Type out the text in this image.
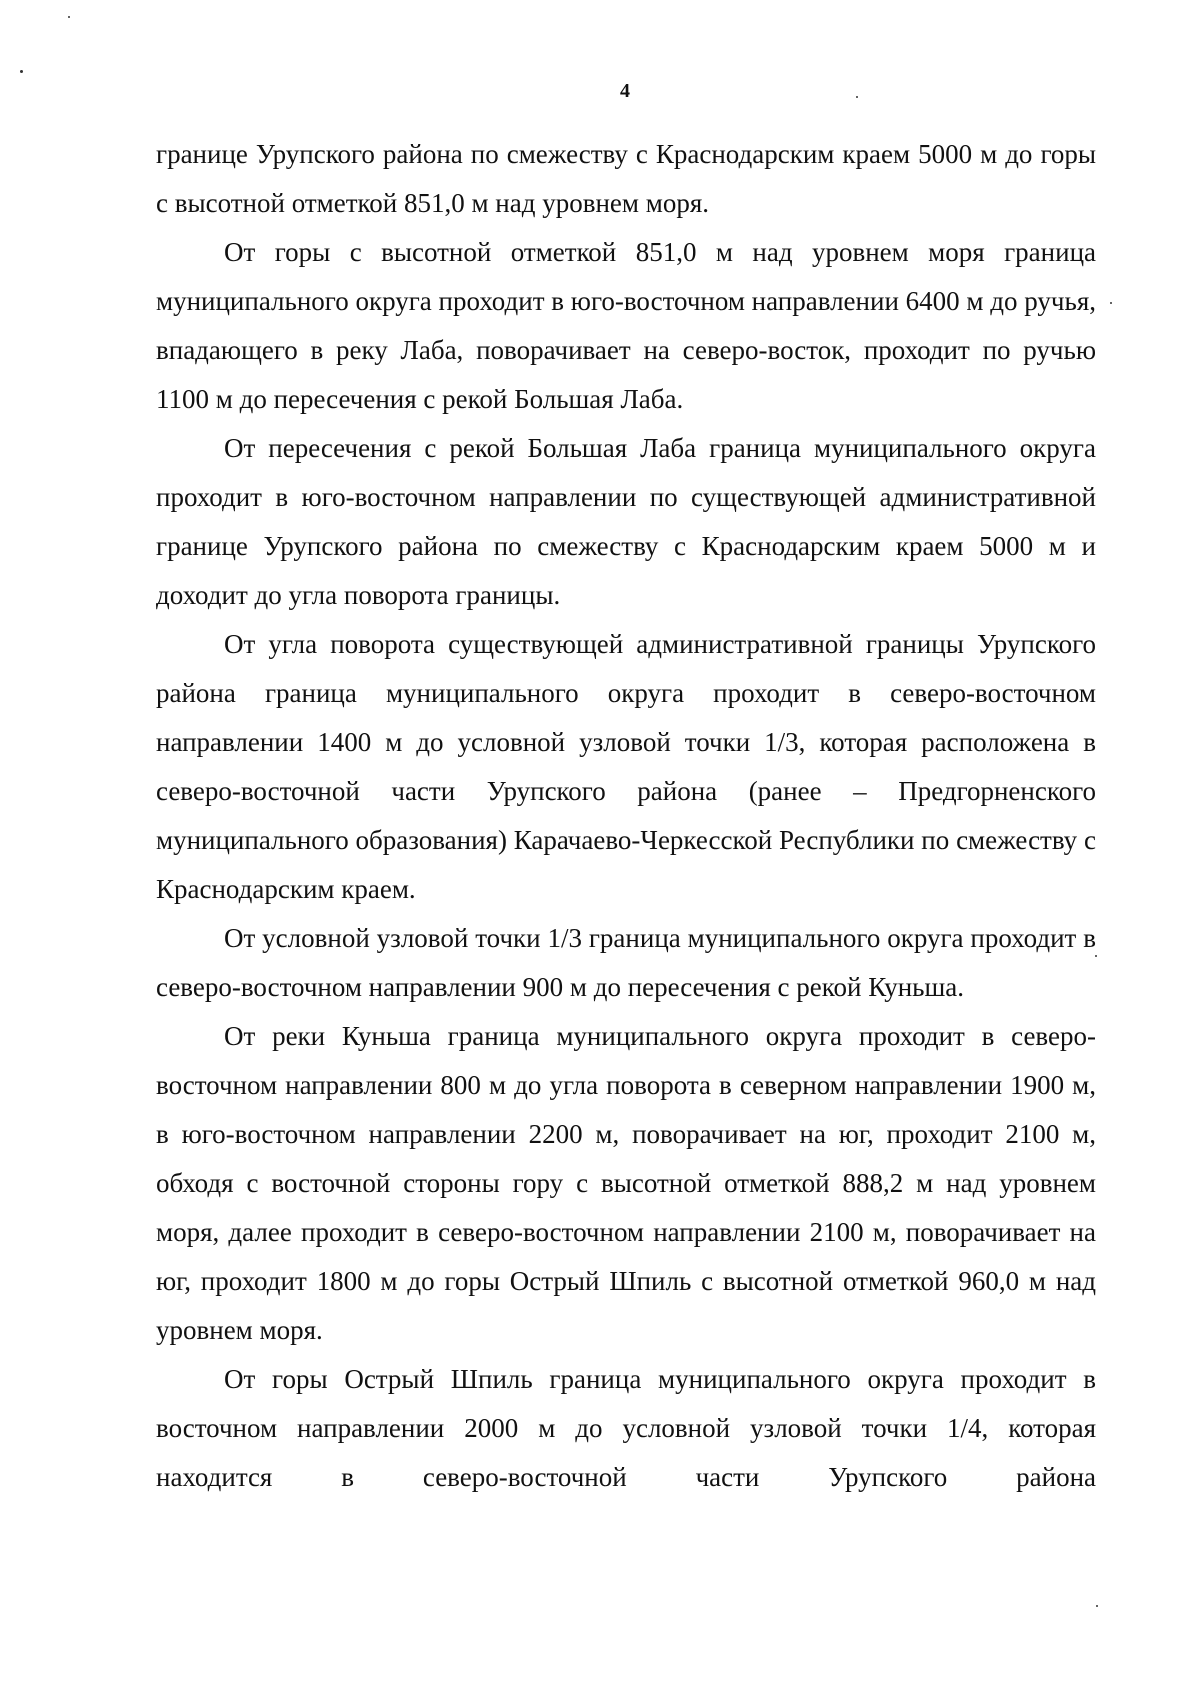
4

границе Урупского района по смежеству с Краснодарским краем 5000 м до горы с высотной отметкой 851,0 м над уровнем моря.

От горы с высотной отметкой 851,0 м над уровнем моря граница муниципального округа проходит в юго-восточном направлении 6400 м до ручья, впадающего в реку Лаба, поворачивает на северо-восток, проходит по ручью 1100 м до пересечения с рекой Большая Лаба.

От пересечения с рекой Большая Лаба граница муниципального округа проходит в юго-восточном направлении по существующей административной границе Урупского района по смежеству с Краснодарским краем 5000 м и доходит до угла поворота границы.

От угла поворота существующей административной границы Урупского района граница муниципального округа проходит в северо-восточном направлении 1400 м до условной узловой точки 1/3, которая расположена в северо-восточной части Урупского района (ранее – Предгорненского муниципального образования) Карачаево-Черкесской Республики по смежеству с Краснодарским краем.

От условной узловой точки 1/3 граница муниципального округа проходит в северо-восточном направлении 900 м до пересечения с рекой Куньша.

От реки Куньша граница муниципального округа проходит в северо-восточном направлении 800 м до угла поворота в северном направлении 1900 м, в юго-восточном направлении 2200 м, поворачивает на юг, проходит 2100 м, обходя с восточной стороны гору с высотной отметкой 888,2 м над уровнем моря, далее проходит в северо-восточном направлении 2100 м, поворачивает на юг, проходит 1800 м до горы Острый Шпиль с высотной отметкой 960,0 м над уровнем моря.

От горы Острый Шпиль граница муниципального округа проходит в восточном направлении 2000 м до условной узловой точки 1/4, которая находится в северо-восточной части Урупского района
